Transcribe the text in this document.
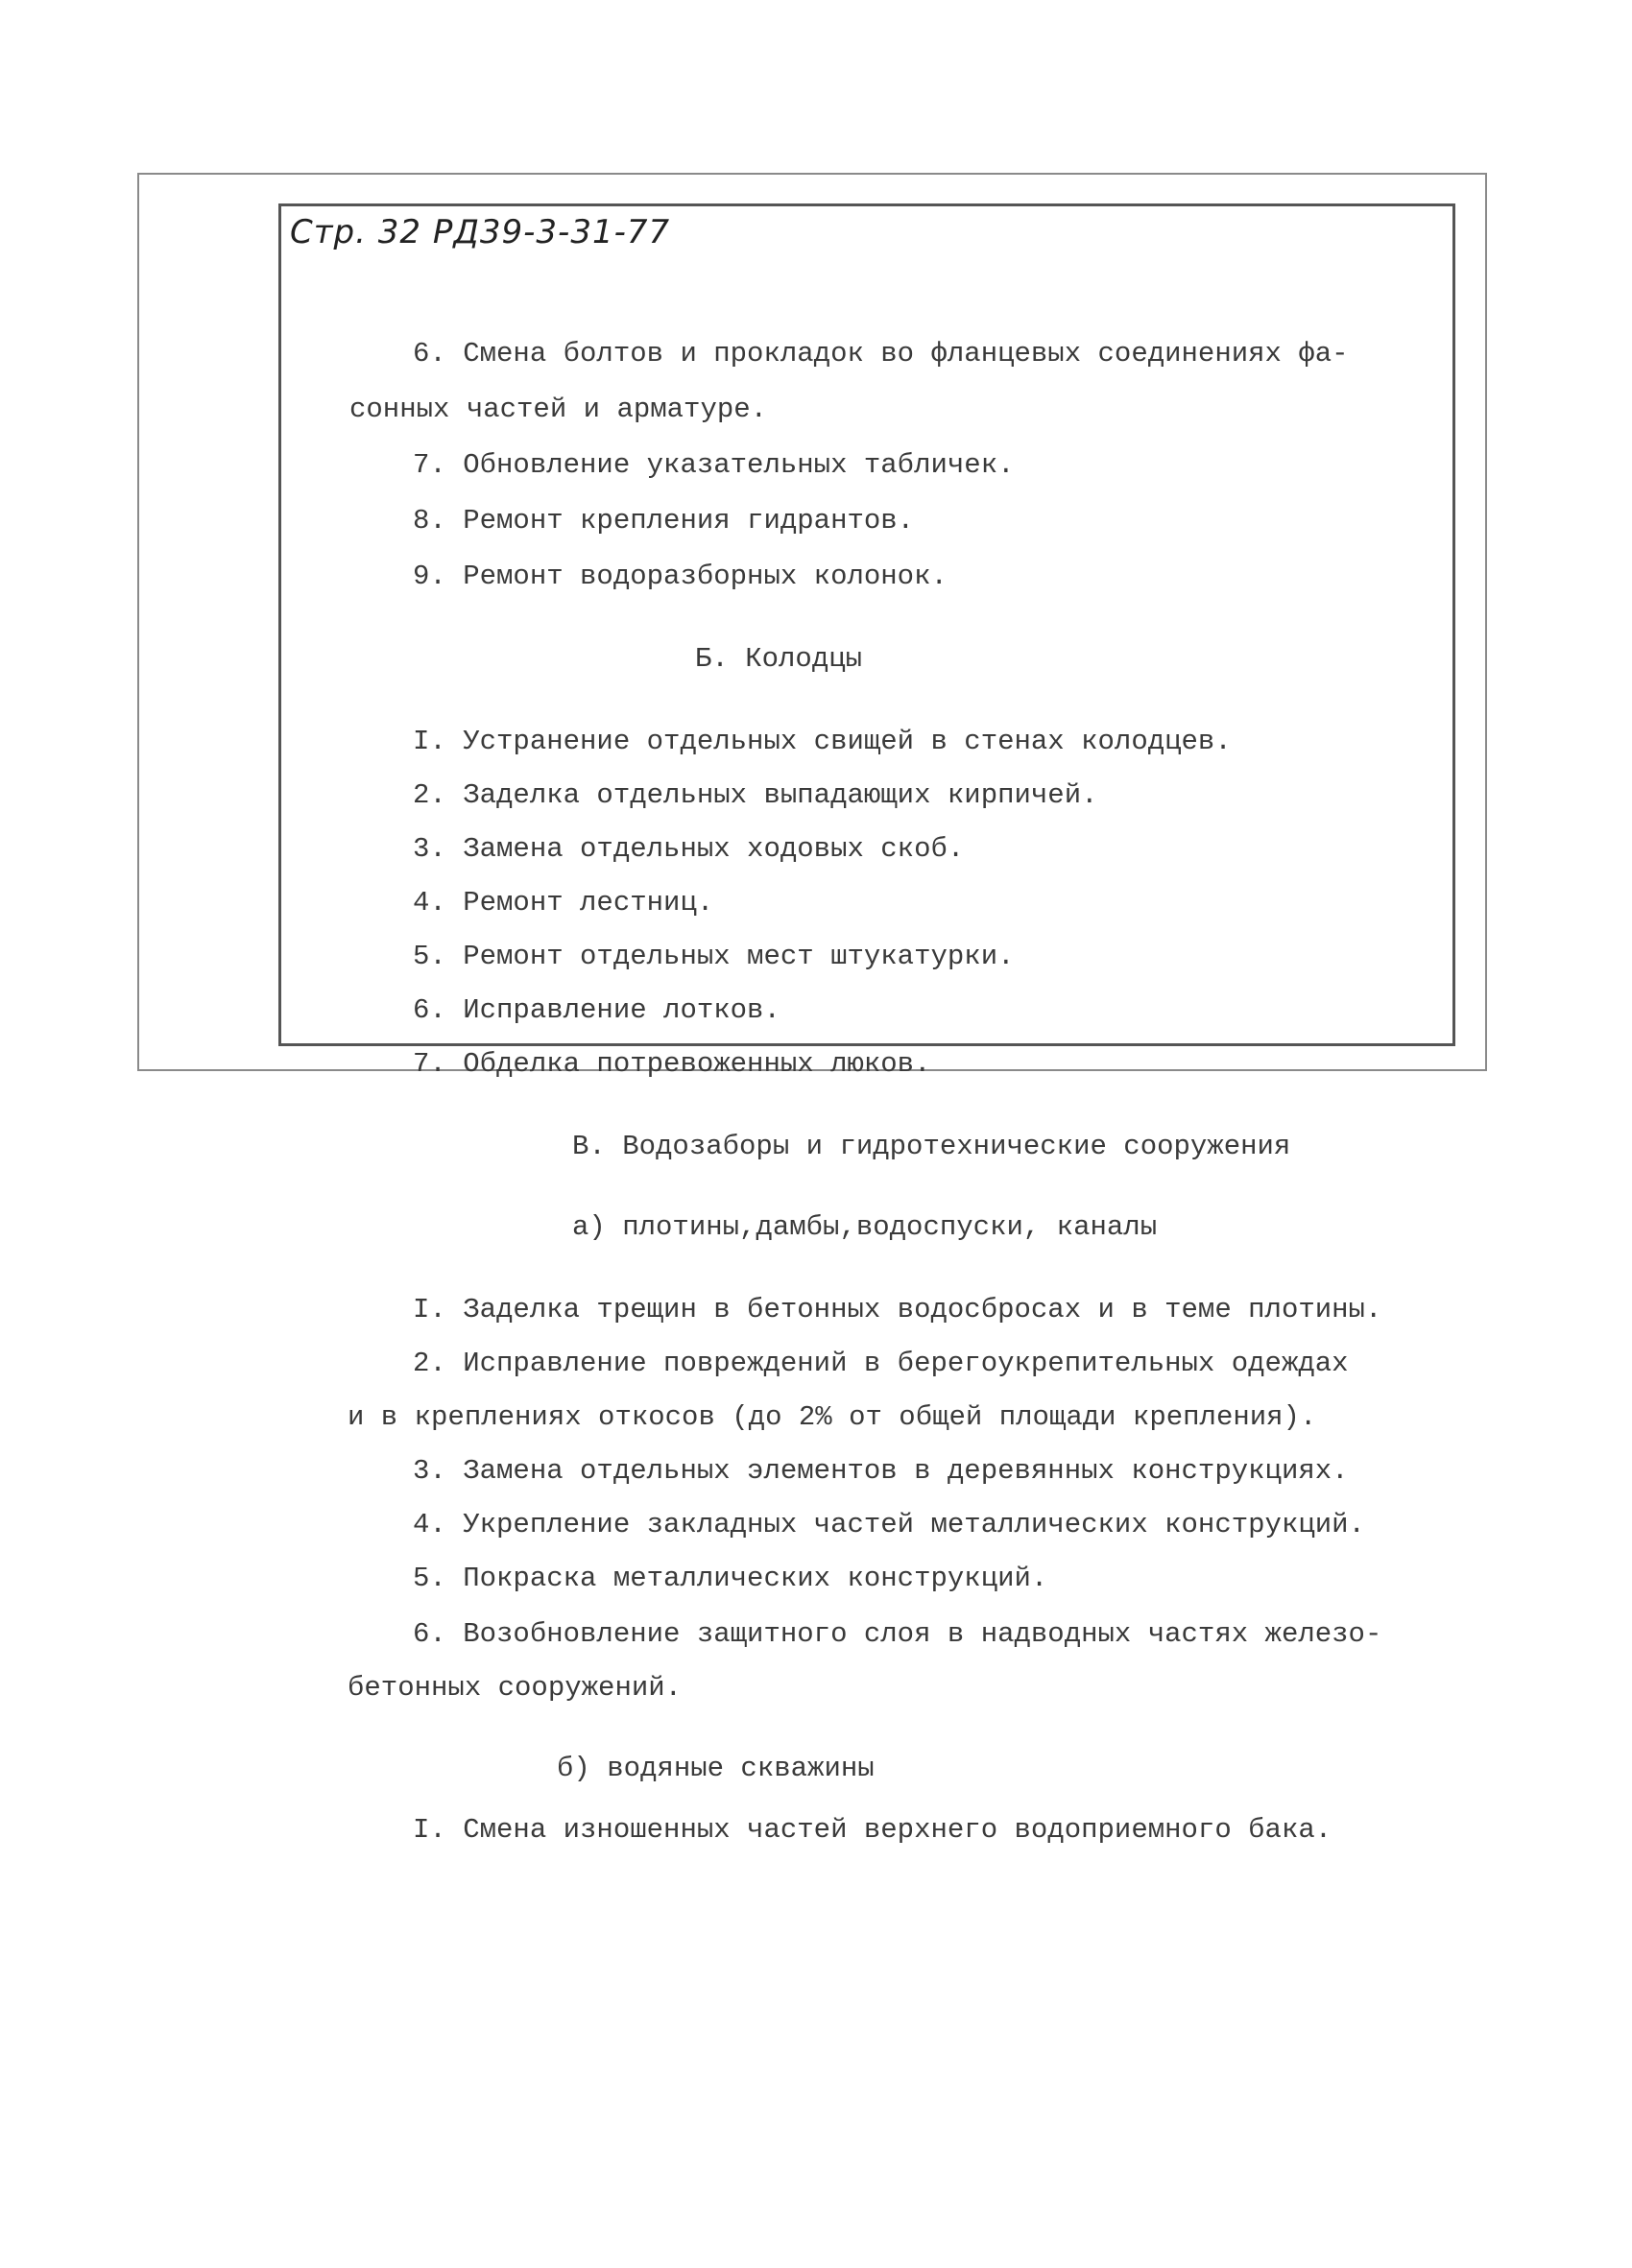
Стр. 32 РД39-3-31-77
6. Смена болтов и прокладок во фланцевых соединениях фа-
сонных частей и арматуре.
7. Обновление указательных табличек.
8. Ремонт крепления гидрантов.
9. Ремонт водоразборных колонок.
Б. Колодцы
I. Устранение отдельных свищей в стенах колодцев.
2. Заделка отдельных выпадающих кирпичей.
3. Замена отдельных ходовых скоб.
4. Ремонт лестниц.
5. Ремонт отдельных мест штукатурки.
6. Исправление лотков.
7. Обделка потревоженных люков.
В. Водозаборы и гидротехнические сооружения
а) плотины,дамбы,водоспуски, каналы
I. Заделка трещин в бетонных водосбросах и в теме плотины.
2. Исправление повреждений в берегоукрепительных одеждах
и в креплениях откосов (до 2% от общей площади крепления).
3. Замена отдельных элементов в деревянных конструкциях.
4. Укрепление закладных частей металлических конструкций.
5. Покраска металлических конструкций.
6. Возобновление защитного слоя в надводных частях железо-
бетонных сооружений.
б) водяные скважины
I. Смена изношенных частей верхнего водоприемного бака.
